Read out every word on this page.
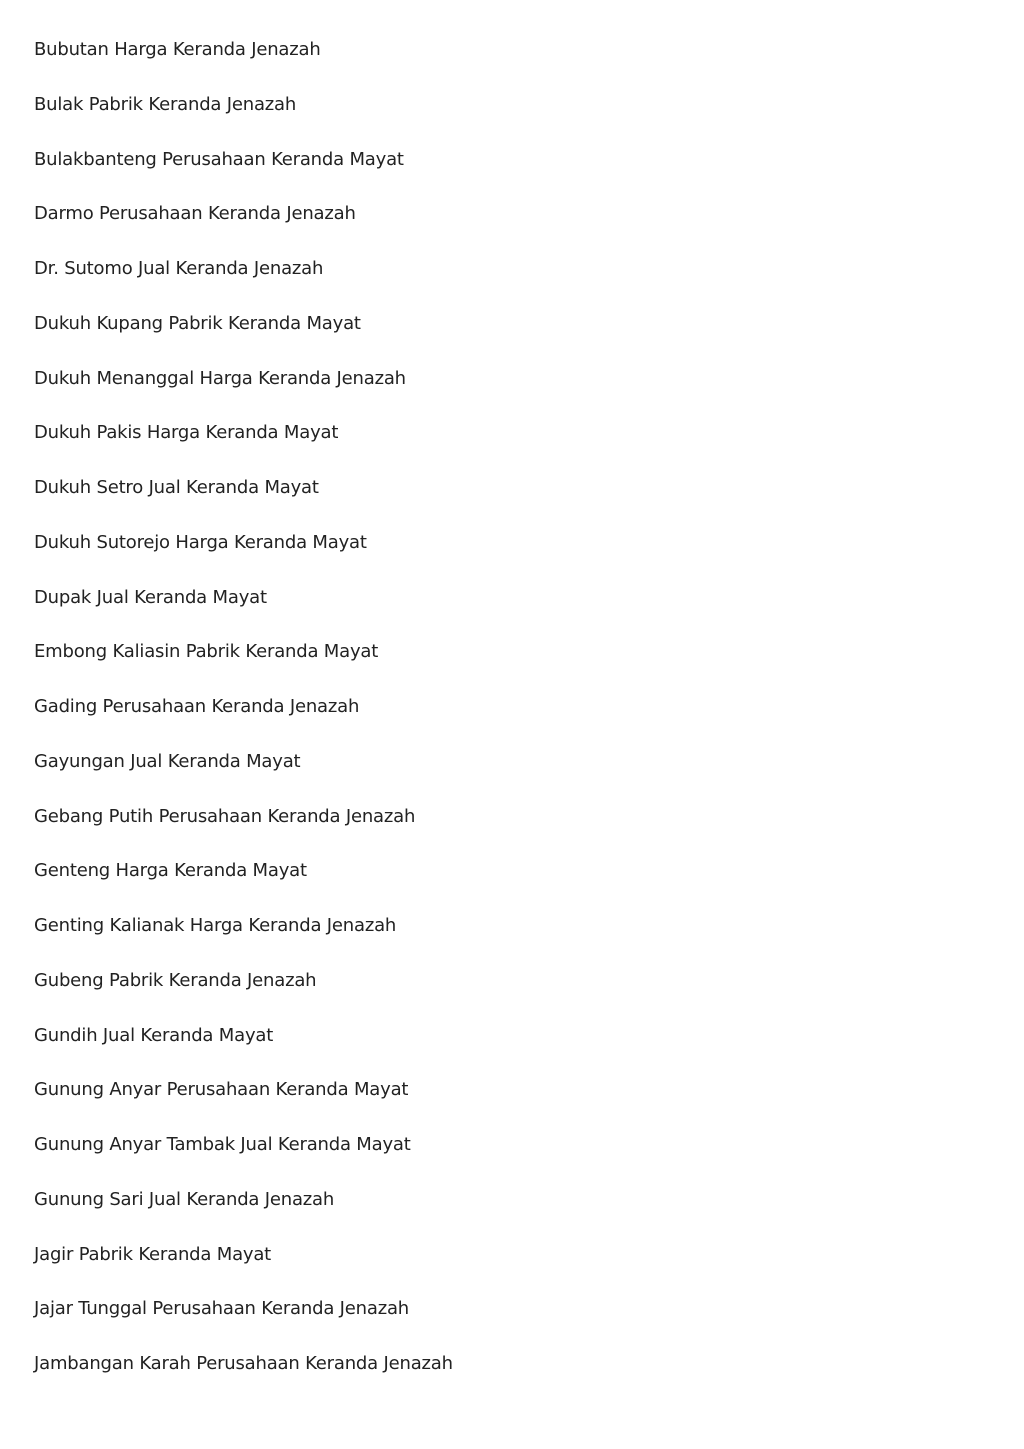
Bubutan Harga Keranda Jenazah
Bulak Pabrik Keranda Jenazah
Bulakbanteng Perusahaan Keranda Mayat
Darmo Perusahaan Keranda Jenazah
Dr. Sutomo Jual Keranda Jenazah
Dukuh Kupang Pabrik Keranda Mayat
Dukuh Menanggal Harga Keranda Jenazah
Dukuh Pakis Harga Keranda Mayat
Dukuh Setro Jual Keranda Mayat
Dukuh Sutorejo Harga Keranda Mayat
Dupak Jual Keranda Mayat
Embong Kaliasin Pabrik Keranda Mayat
Gading Perusahaan Keranda Jenazah
Gayungan Jual Keranda Mayat
Gebang Putih Perusahaan Keranda Jenazah
Genteng Harga Keranda Mayat
Genting Kalianak Harga Keranda Jenazah
Gubeng Pabrik Keranda Jenazah
Gundih Jual Keranda Mayat
Gunung Anyar Perusahaan Keranda Mayat
Gunung Anyar Tambak Jual Keranda Mayat
Gunung Sari Jual Keranda Jenazah
Jagir Pabrik Keranda Mayat
Jajar Tunggal Perusahaan Keranda Jenazah
Jambangan Karah Perusahaan Keranda Jenazah
